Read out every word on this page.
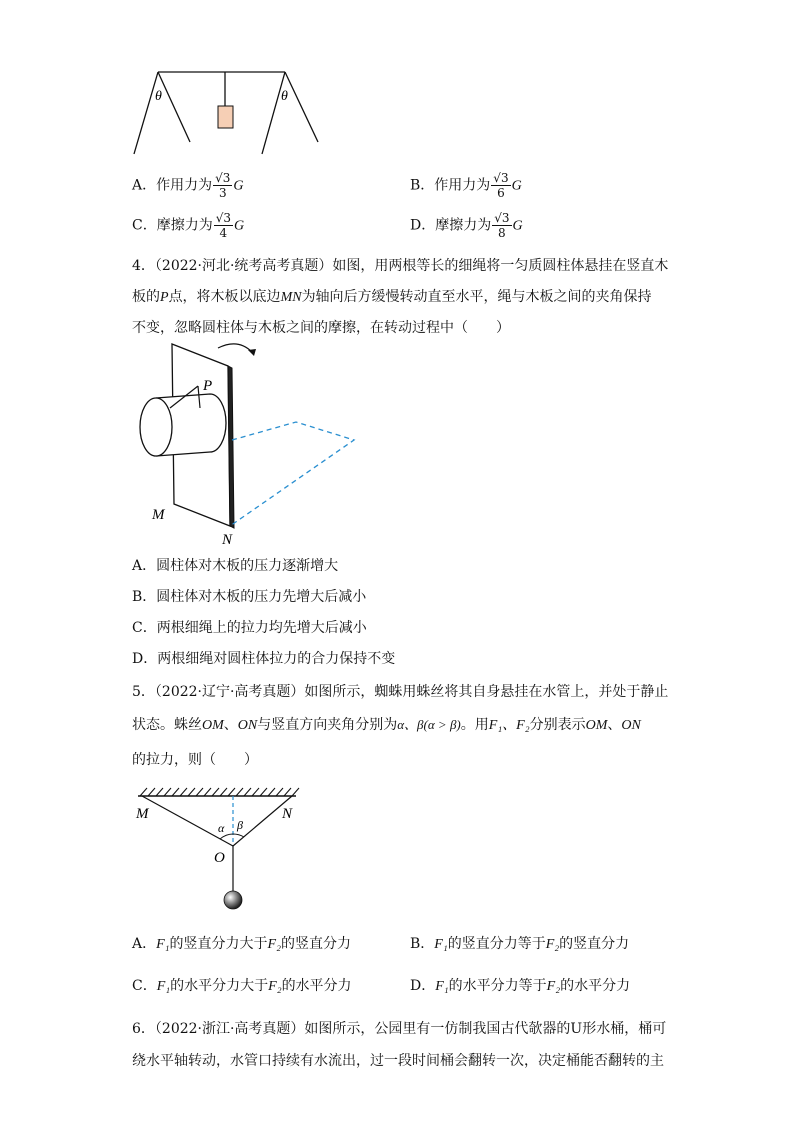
θ	θ
A．作用力为 $\frac{√3}{3}$ G	B．作用力为 $\frac{√3}{6}$ G
C．摩擦力为 $\frac{√3}{4}$ G	D．摩擦力为 $\frac{√3}{8}$ G
4．（2022·河北·统考高考真题）如图，用两根等长的细绳将一匀质圆柱体悬挂在竖直木
板的P点，将木板以底边MN为轴向后方缓慢转动直至水平，绳与木板之间的夹角保持
不变，忽略圆柱体与木板之间的摩擦，在转动过程中（　　）
P
M
N
A．圆柱体对木板的压力逐渐增大
B．圆柱体对木板的压力先增大后减小
C．两根细绳上的拉力均先增大后减小
D．两根细绳对圆柱体拉力的合力保持不变
5．（2022·辽宁·高考真题）如图所示，蜘蛛用蛛丝将其自身悬挂在水管上，并处于静止
状态。蛛丝OM、ON与竖直方向夹角分别为α、β(α > β)。用F₁、F₂分别表示OM、ON
的拉力，则（　　）
M	N
O
α β
A．F₁的竖直分力大于F₂的竖直分力	B．F₁的竖直分力等于F₂的竖直分力
C．F₁的水平分力大于F₂的水平分力	D．F₁的水平分力等于F₂的水平分力
6．（2022·浙江·高考真题）如图所示，公园里有一仿制我国古代欹器的U形水桶，桶可
绕水平轴转动，水管口持续有水流出，过一段时间桶会翻转一次，决定桶能否翻转的主
